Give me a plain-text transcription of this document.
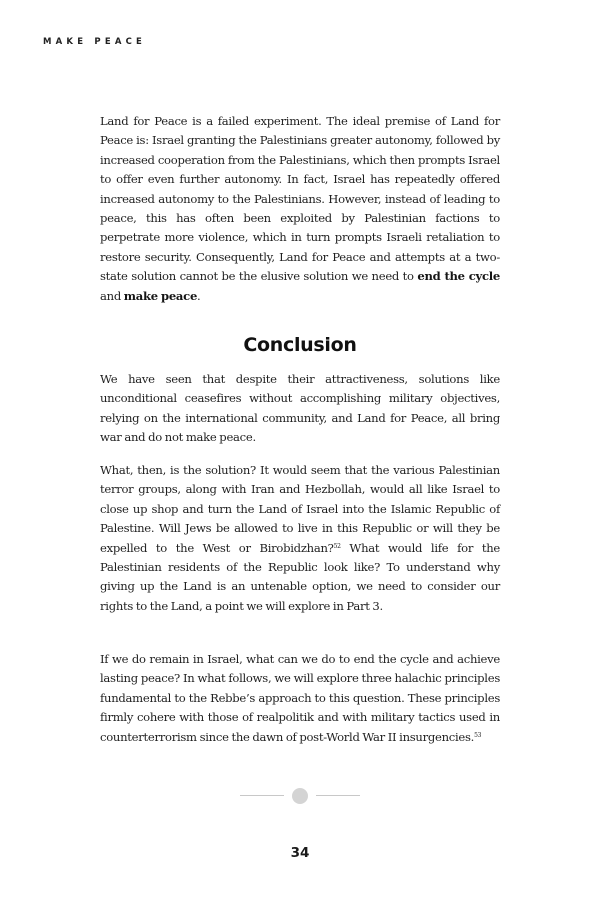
MAKE PEACE

Land for Peace is a failed experiment. The ideal premise of Land for Peace is: Israel granting the Palestinians greater autonomy, followed by increased cooperation from the Palestinians, which then prompts Israel to offer even further autonomy. In fact, Israel has repeatedly offered increased autonomy to the Palestinians. However, instead of leading to peace, this has often been exploited by Palestinian factions to perpetrate more violence, which in turn prompts Israeli retaliation to restore security. Consequently, Land for Peace and attempts at a two-state solution cannot be the elusive solution we need to end the cycle and make peace.

Conclusion

We have seen that despite their attractiveness, solutions like unconditional ceasefires without accomplishing military objectives, relying on the international community, and Land for Peace, all bring war and do not make peace.

What, then, is the solution? It would seem that the various Palestinian terror groups, along with Iran and Hezbollah, would all like Israel to close up shop and turn the Land of Israel into the Islamic Republic of Palestine. Will Jews be allowed to live in this Republic or will they be expelled to the West or Birobidzhan?$^{52}$ What would life for the Palestinian residents of the Republic look like? To understand why giving up the Land is an untenable option, we need to consider our rights to the Land, a point we will explore in Part 3.

If we do remain in Israel, what can we do to end the cycle and achieve lasting peace? In what follows, we will explore three halachic principles fundamental to the Rebbe’s approach to this question. These principles firmly cohere with those of realpolitik and with military tactics used in counterterrorism since the dawn of post-World War II insurgencies.$^{53}$

34
